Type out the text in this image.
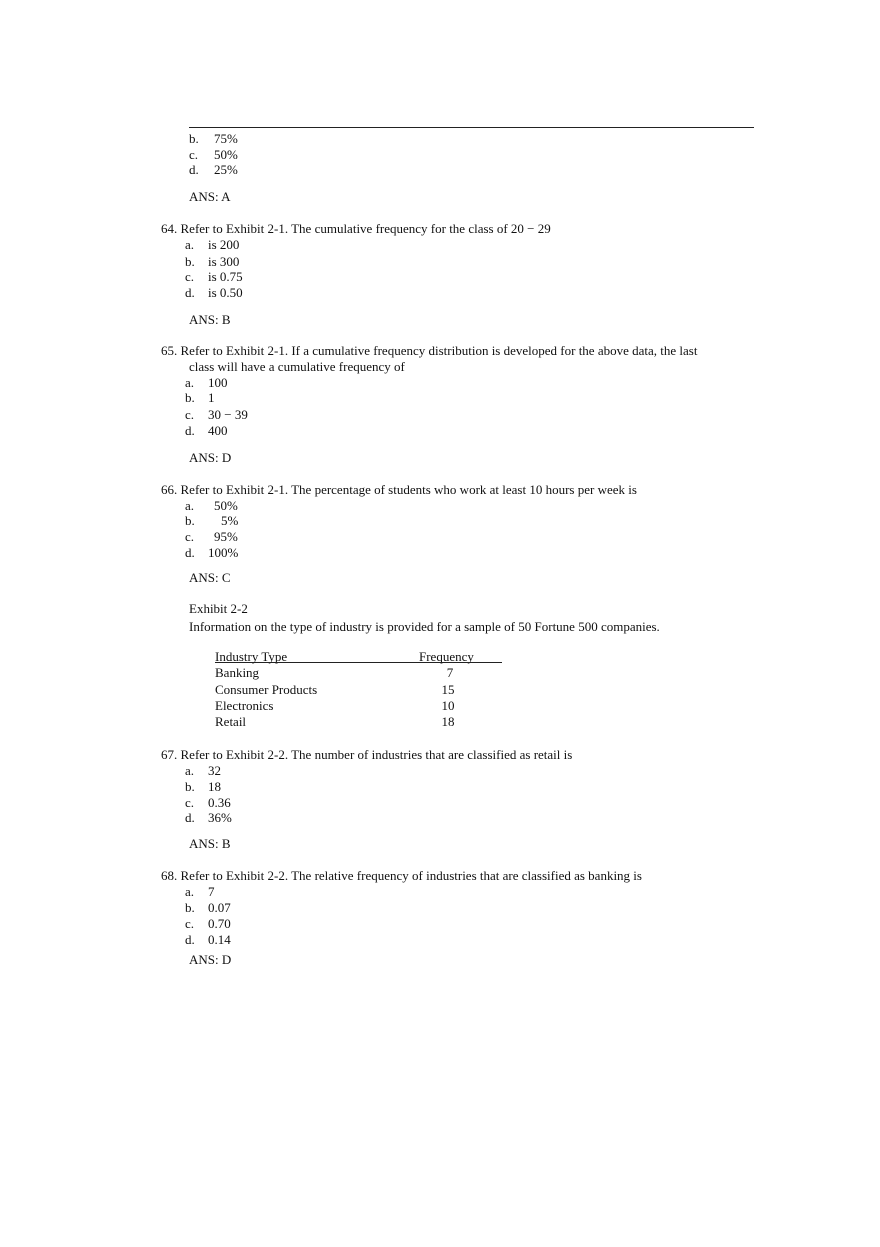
b. 75%
c. 50%
d. 25%
ANS: A
64. Refer to Exhibit 2-1. The cumulative frequency for the class of 20 − 29
a. is 200
b. is 300
c. is 0.75
d. is 0.50
ANS: B
65. Refer to Exhibit 2-1. If a cumulative frequency distribution is developed for the above data, the last
class will have a cumulative frequency of
a. 100
b. 1
c. 30 − 39
d. 400
ANS: D
66. Refer to Exhibit 2-1. The percentage of students who work at least 10 hours per week is
a. 50%
b. 5%
c. 95%
d. 100%
ANS: C
Exhibit 2-2
Information on the type of industry is provided for a sample of 50 Fortune 500 companies.
Industry Type	Frequency
Banking	7
Consumer Products	15
Electronics	10
Retail	18
67. Refer to Exhibit 2-2. The number of industries that are classified as retail is
a. 32
b. 18
c. 0.36
d. 36%
ANS: B
68. Refer to Exhibit 2-2. The relative frequency of industries that are classified as banking is
a. 7
b. 0.07
c. 0.70
d. 0.14
ANS: D
